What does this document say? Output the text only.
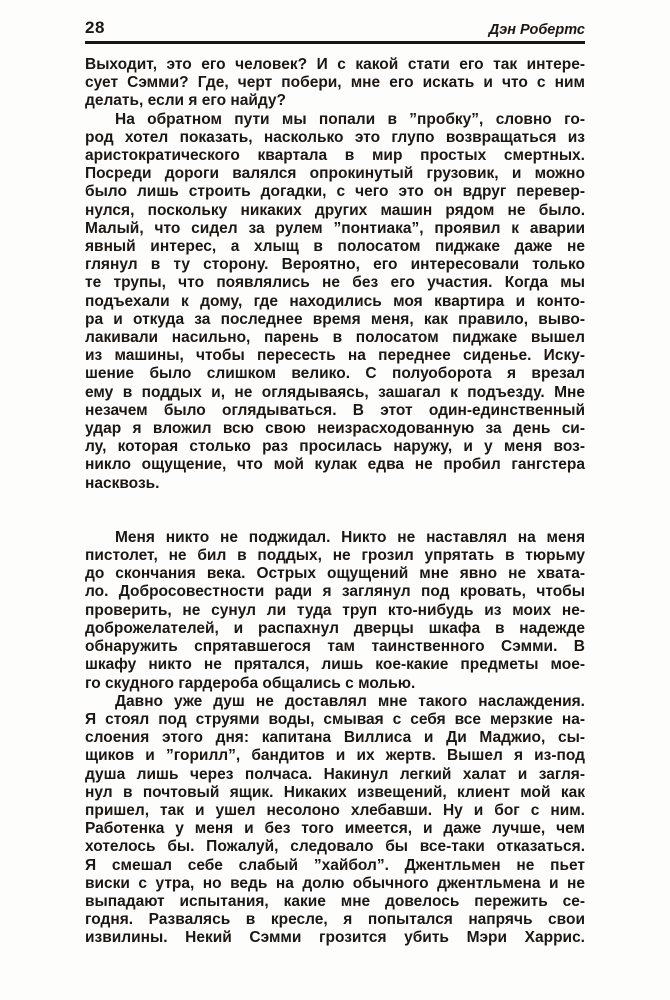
28	Дэн Робертс
Выходит, это его человек? И с какой стати его так интере-
сует Сэмми? Где, черт побери, мне его искать и что с ним
делать, если я его найду?
На обратном пути мы попали в ”пробку”, словно го-
род хотел показать, насколько это глупо возвращаться из
аристократического квартала в мир простых смертных.
Посреди дороги валялся опрокинутый грузовик, и можно
было лишь строить догадки, с чего это он вдруг перевер-
нулся, поскольку никаких других машин рядом не было.
Малый, что сидел за рулем ”понтиака”, проявил к аварии
явный интерес, а хлыщ в полосатом пиджаке даже не
глянул в ту сторону. Вероятно, его интересовали только
те трупы, что появлялись не без его участия. Когда мы
подъехали к дому, где находились моя квартира и конто-
ра и откуда за последнее время меня, как правило, выво-
лакивали насильно, парень в полосатом пиджаке вышел
из машины, чтобы пересесть на переднее сиденье. Иску-
шение было слишком велико. С полуоборота я врезал
ему в поддых и, не оглядываясь, зашагал к подъезду. Мне
незачем было оглядываться. В этот один-единственный
удар я вложил всю свою неизрасходованную за день си-
лу, которая столько раз просилась наружу, и у меня воз-
никло ощущение, что мой кулак едва не пробил гангстера
насквозь.
Меня никто не поджидал. Никто не наставлял на меня
пистолет, не бил в поддых, не грозил упрятать в тюрьму
до скончания века. Острых ощущений мне явно не хвата-
ло. Добросовестности ради я заглянул под кровать, чтобы
проверить, не сунул ли туда труп кто-нибудь из моих не-
доброжелателей, и распахнул дверцы шкафа в надежде
обнаружить спрятавшегося там таинственного Сэмми. В
шкафу никто не прятался, лишь кое-какие предметы мое-
го скудного гардероба общались с молью.
Давно уже душ не доставлял мне такого наслаждения.
Я стоял под струями воды, смывая с себя все мерзкие на-
слоения этого дня: капитана Виллиса и Ди Маджио, сы-
щиков и ”горилл”, бандитов и их жертв. Вышел я из-под
душа лишь через полчаса. Накинул легкий халат и загля-
нул в почтовый ящик. Никаких извещений, клиент мой как
пришел, так и ушел несолоно хлебавши. Ну и бог с ним.
Работенка у меня и без того имеется, и даже лучше, чем
хотелось бы. Пожалуй, следовало бы все-таки отказаться.
Я смешал себе слабый ”хайбол”. Джентльмен не пьет
виски с утра, но ведь на долю обычного джентльмена и не
выпадают испытания, какие мне довелось пережить се-
годня. Развалясь в кресле, я попытался напрячь свои
извилины. Некий Сэмми грозится убить Мэри Харрис.
